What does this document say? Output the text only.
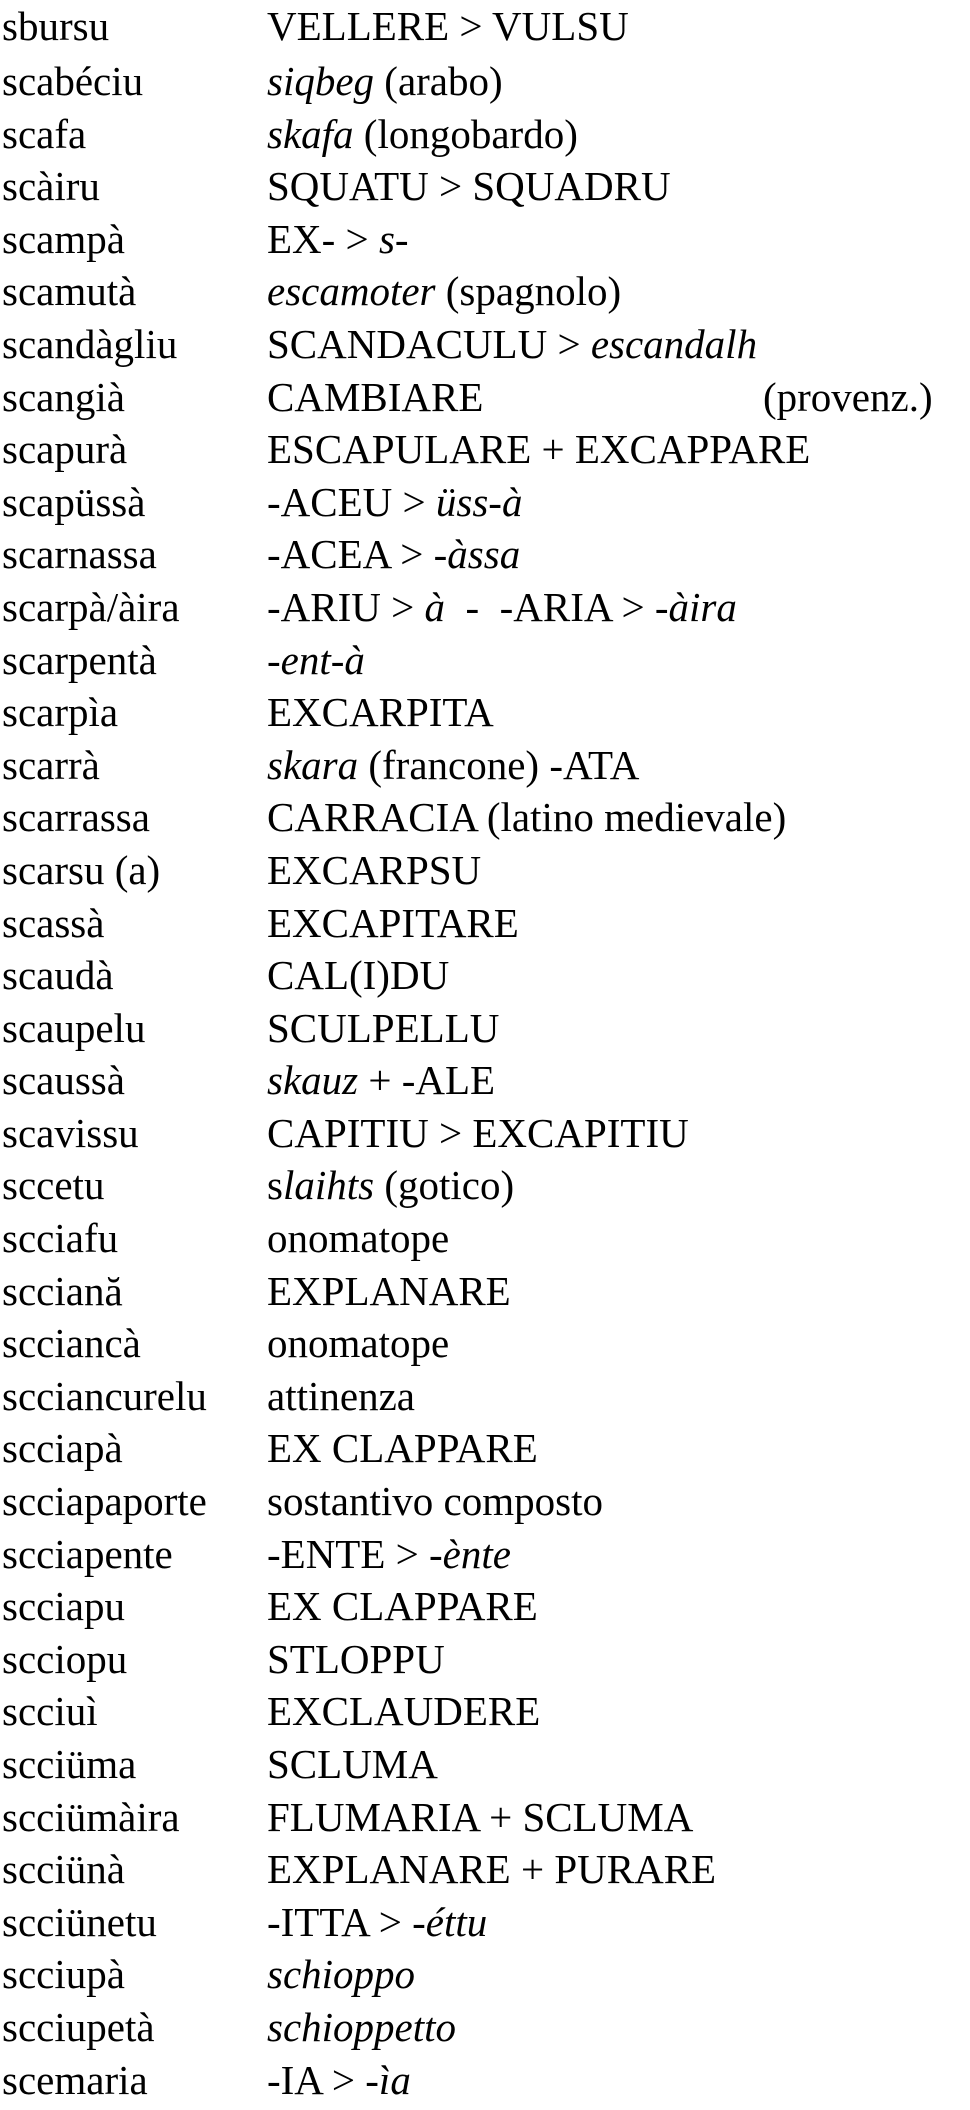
sbursu	VELLERE > VULSU
scabéciu	siqbeg (arabo)
scafa	skafa (longobardo)
scàiru	SQUATU > SQUADRU
scampà	EX- > s-
scamutà	escamoter (spagnolo)
scandàgliu SCANDACULU > escandalh
scangià	CAMBIARE	(provenz.)
scapurà	ESCAPULARE + EXCAPPARE
scapüssà	-ACEU > üss-à
scarnassa	-ACEA > -àssa
scarpà/àira -ARIU > à  -  -ARIA > -àira
scarpentà	-ent-à
scarpìa	EXCARPITA
scarrà	skara (francone) -ATA
scarrassa	CARRACIA (latino medievale)
scarsu (a)	EXCARPSU
scassà	EXCAPITARE
scaudà	CAL(I)DU
scaupelu	SCULPELLU
scaussà	skauz + -ALE
scavissu	CAPITIU > EXCAPITIU
sccetu	slaihts (gotico)
scciafu	onomatope
scciană	EXPLANARE
scciancà	onomatope
scciancurelu attinenza
scciapà	EX CLAPPARE
scciapaporte sostantivo composto
scciapente -ENTE > -ènte
scciapu	EX CLAPPARE
scciopu	STLOPPU
scciuì	EXCLAUDERE
scciüma	SCLUMA
scciümàira FLUMARIA + SCLUMA
scciünà	EXPLANARE + PURARE
scciünetu	-ITTA > -éttu
scciupà	schioppo
scciupetà	schioppetto
scemaria	-IA > -ìa
